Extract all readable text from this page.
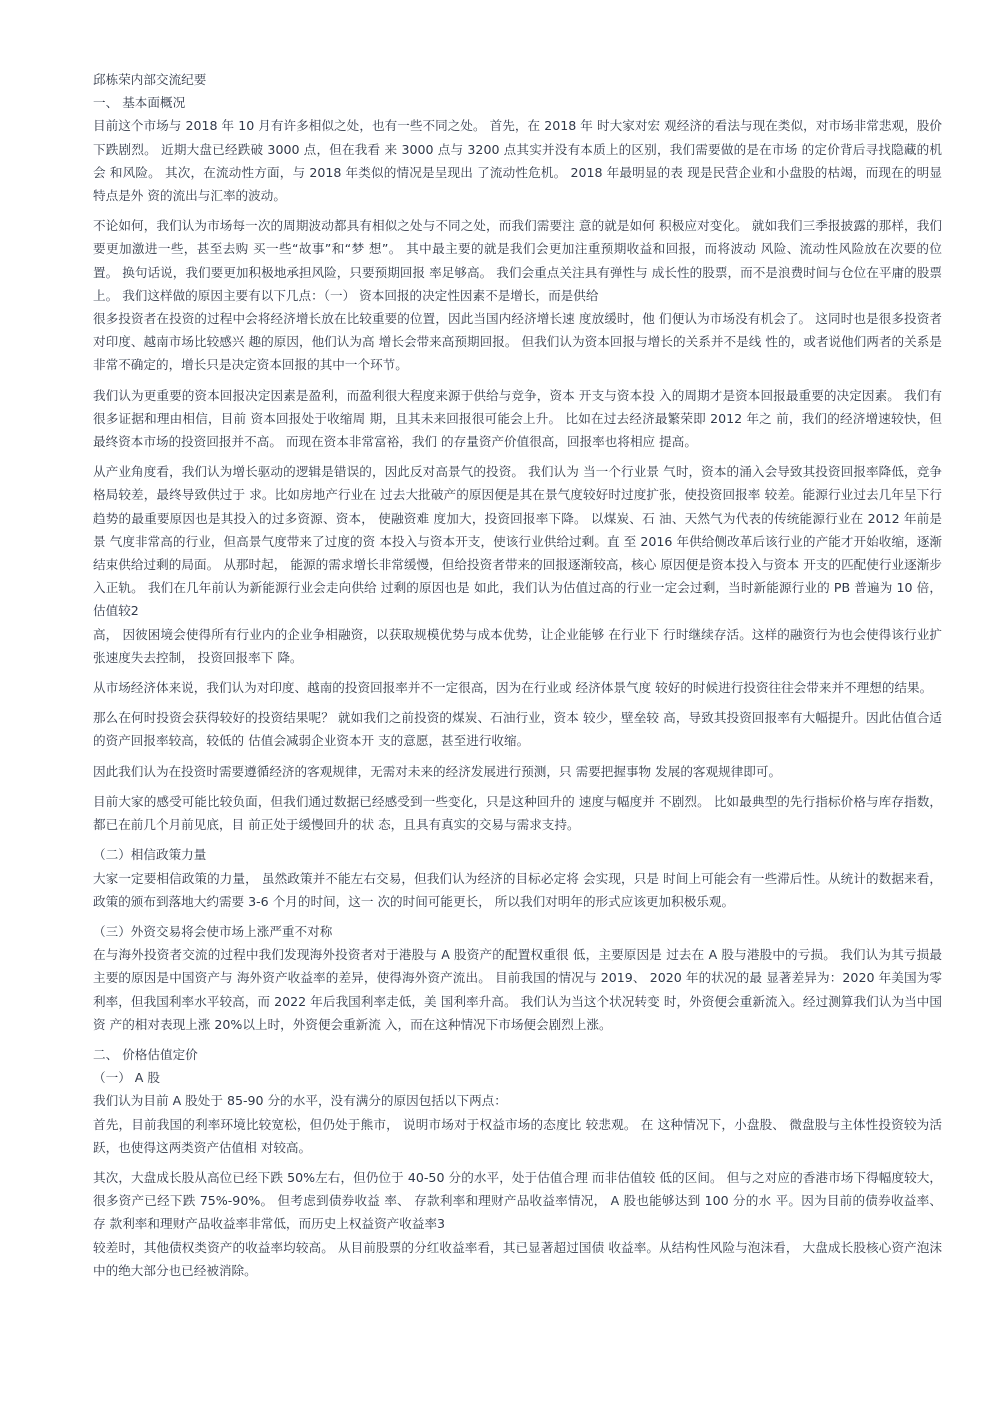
邱栋荣内部交流纪要

一、 基本面概况

目前这个市场与 2018 年 10 月有许多相似之处，也有一些不同之处。 首先，在 2018 年 时大家对宏 观经济的看法与现在类似，对市场非常悲观，股价下跌剧烈。 近期大盘已经跌破 3000 点，但在我看 来 3000 点与 3200 点其实并没有本质上的区别，我们需要做的是在市场 的定价背后寻找隐藏的机会 和风险。 其次，在流动性方面，与 2018 年类似的情况是呈现出 了流动性危机。 2018 年最明显的表 现是民营企业和小盘股的枯竭，而现在的明显特点是外 资的流出与汇率的波动。

不论如何，我们认为市场每一次的周期波动都具有相似之处与不同之处，而我们需要注 意的就是如何 积极应对变化。 就如我们三季报披露的那样，我们要更加激进一些，甚至去购 买一些“故事”和“梦 想”。 其中最主要的就是我们会更加注重预期收益和回报，而将波动 风险、流动性风险放在次要的位 置。 换句话说，我们要更加积极地承担风险，只要预期回报 率足够高。 我们会重点关注具有弹性与 成长性的股票，而不是浪费时间与仓位在平庸的股票 上。 我们这样做的原因主要有以下几点：（一） 资本回报的决定性因素不是增长，而是供给

很多投资者在投资的过程中会将经济增长放在比较重要的位置，因此当国内经济增长速 度放缓时，他 们便认为市场没有机会了。 这同时也是很多投资者对印度、越南市场比较感兴 趣的原因，他们认为高 增长会带来高预期回报。 但我们认为资本回报与增长的关系并不是线 性的，或者说他们两者的关系是 非常不确定的，增长只是决定资本回报的其中一个环节。

我们认为更重要的资本回报决定因素是盈利，而盈利很大程度来源于供给与竞争，资本 开支与资本投 入的周期才是资本回报最重要的决定因素。 我们有很多证据和理由相信，目前 资本回报处于收缩周 期，且其未来回报很可能会上升。 比如在过去经济最繁荣即 2012 年之 前，我们的经济增速较快，但 最终资本市场的投资回报并不高。 而现在资本非常富裕，我们 的存量资产价值很高，回报率也将相应 提高。

从产业角度看，我们认为增长驱动的逻辑是错误的，因此反对高景气的投资。 我们认为 当一个行业景 气时，资本的涌入会导致其投资回报率降低，竞争格局较差，最终导致供过于 求。比如房地产行业在 过去大批破产的原因便是其在景气度较好时过度扩张，使投资回报率 较差。能源行业过去几年呈下行 趋势的最重要原因也是其投入的过多资源、资本， 使融资难 度加大，投资回报率下降。 以煤炭、石 油、天然气为代表的传统能源行业在 2012 年前是景 气度非常高的行业，但高景气度带来了过度的资 本投入与资本开支，使该行业供给过剩。直 至 2016 年供给侧改革后该行业的产能才开始收缩，逐渐 结束供给过剩的局面。 从那时起， 能源的需求增长非常缓慢，但给投资者带来的回报逐渐较高，核心 原因便是资本投入与资本 开支的匹配使行业逐渐步入正轨。 我们在几年前认为新能源行业会走向供给 过剩的原因也是 如此，我们认为估值过高的行业一定会过剩，当时新能源行业的 PB 普遍为 10 倍，估值较2

高， 因彼困境会使得所有行业内的企业争相融资，以获取规模优势与成本优势，让企业能够 在行业下 行时继续存活。这样的融资行为也会使得该行业扩张速度失去控制， 投资回报率下 降。

从市场经济体来说，我们认为对印度、越南的投资回报率并不一定很高，因为在行业或 经济体景气度 较好的时候进行投资往往会带来并不理想的结果。

那么在何时投资会获得较好的投资结果呢？ 就如我们之前投资的煤炭、石油行业，资本 较少，壁垒较 高，导致其投资回报率有大幅提升。因此估值合适的资产回报率较高，较低的 估值会减弱企业资本开 支的意愿，甚至进行收缩。

因此我们认为在投资时需要遵循经济的客观规律，无需对未来的经济发展进行预测，只 需要把握事物 发展的客观规律即可。

目前大家的感受可能比较负面，但我们通过数据已经感受到一些变化，只是这种回升的 速度与幅度并 不剧烈。 比如最典型的先行指标价格与库存指数，都已在前几个月前见底，目 前正处于缓慢回升的状 态，且具有真实的交易与需求支持。

（二）相信政策力量

大家一定要相信政策的力量， 虽然政策并不能左右交易，但我们认为经济的目标必定将 会实现，只是 时间上可能会有一些滞后性。从统计的数据来看，政策的颁布到落地大约需要 3-6 个月的时间，这一 次的时间可能更长， 所以我们对明年的形式应该更加积极乐观。

（三）外资交易将会使市场上涨严重不对称

在与海外投资者交流的过程中我们发现海外投资者对于港股与 A 股资产的配置权重很 低，主要原因是 过去在 A 股与港股中的亏损。 我们认为其亏损最主要的原因是中国资产与 海外资产收益率的差异，使得海外资产流出。 目前我国的情况与 2019、 2020 年的状况的最 显著差异为：2020 年美国为零 利率，但我国利率水平较高，而 2022 年后我国利率走低，美 国利率升高。 我们认为当这个状况转变 时，外资便会重新流入。经过测算我们认为当中国资 产的相对表现上涨 20%以上时，外资便会重新流 入，而在这种情况下市场便会剧烈上涨。

二、 价格估值定价

（一） A 股

我们认为目前 A 股处于 85-90 分的水平，没有满分的原因包括以下两点：

首先，目前我国的利率环境比较宽松，但仍处于熊市， 说明市场对于权益市场的态度比 较悲观。 在 这种情况下，小盘股、 微盘股与主体性投资较为活跃，也使得这两类资产估值相 对较高。

其次，大盘成长股从高位已经下跌 50%左右，但仍位于 40-50 分的水平，处于估值合理 而非估值较 低的区间。 但与之对应的香港市场下得幅度较大，很多资产已经下跌 75%-90%。 但考虑到债券收益 率、 存款利率和理财产品收益率情况， A 股也能够达到 100 分的水 平。因为目前的债券收益率、 存 款利率和理财产品收益率非常低，而历史上权益资产收益率3

较差时，其他债权类资产的收益率均较高。 从目前股票的分红收益率看，其已显著超过国债 收益率。从结构性风险与泡沫看， 大盘成长股核心资产泡沫中的绝大部分也已经被消除。
